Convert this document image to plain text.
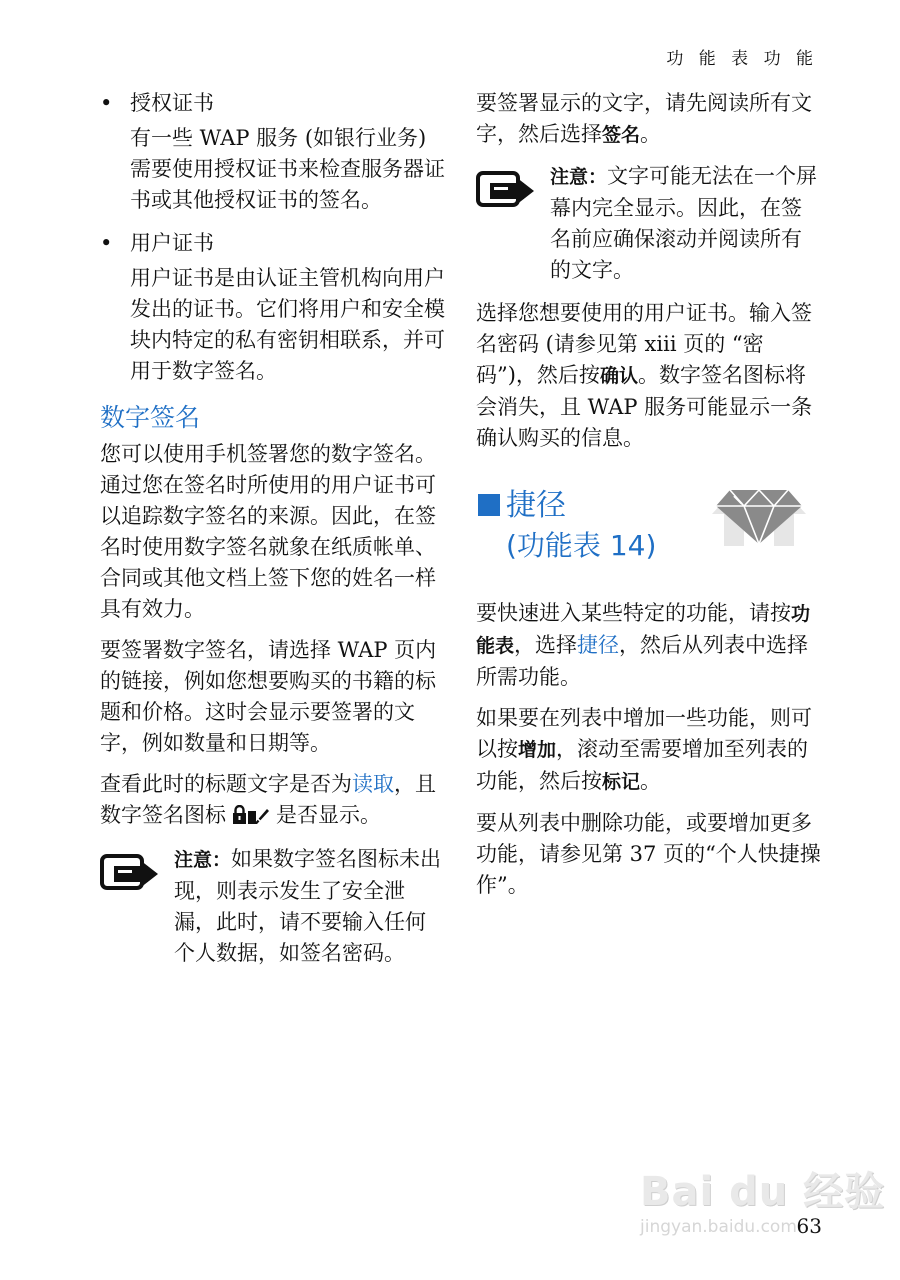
功 能 表 功 能
• 授权证书

有一些 WAP 服务 (如银行业务) 需要使用授权证书来检查服务器证书或其他授权证书的签名。

• 用户证书

用户证书是由认证主管机构向用户发出的证书。它们将用户和安全模块内特定的私有密钥相联系，并可用于数字签名。

数字签名

您可以使用手机签署您的数字签名。通过您在签名时所使用的用户证书可以追踪数字签名的来源。因此，在签名时使用数字签名就象在纸质帐单、合同或其他文档上签下您的姓名一样具有效力。

要签署数字签名，请选择 WAP 页内的链接，例如您想要购买的书籍的标题和价格。这时会显示要签署的文字，例如数量和日期等。

查看此时的标题文字是否为读取，且数字签名图标 是否显示。

注意：如果数字签名图标未出现，则表示发生了安全泄漏，此时，请不要输入任何个人数据，如签名密码。

要签署显示的文字，请先阅读所有文字，然后选择签名。

注意：文字可能无法在一个屏幕内完全显示。因此，在签名前应确保滚动并阅读所有的文字。

选择您想要使用的用户证书。输入签名密码 (请参见第 xiii 页的 “密码”)，然后按确认。数字签名图标将会消失，且 WAP 服务可能显示一条确认购买的信息。

捷径
(功能表 14)

要快速进入某些特定的功能，请按功能表，选择捷径，然后从列表中选择所需功能。

如果要在列表中增加一些功能，则可以按增加，滚动至需要增加至列表的功能，然后按标记。

要从列表中删除功能，或要增加更多功能，请参见第 37 页的“个人快捷操作”。

Bai du 经验
jingyan.baidu.com 63
